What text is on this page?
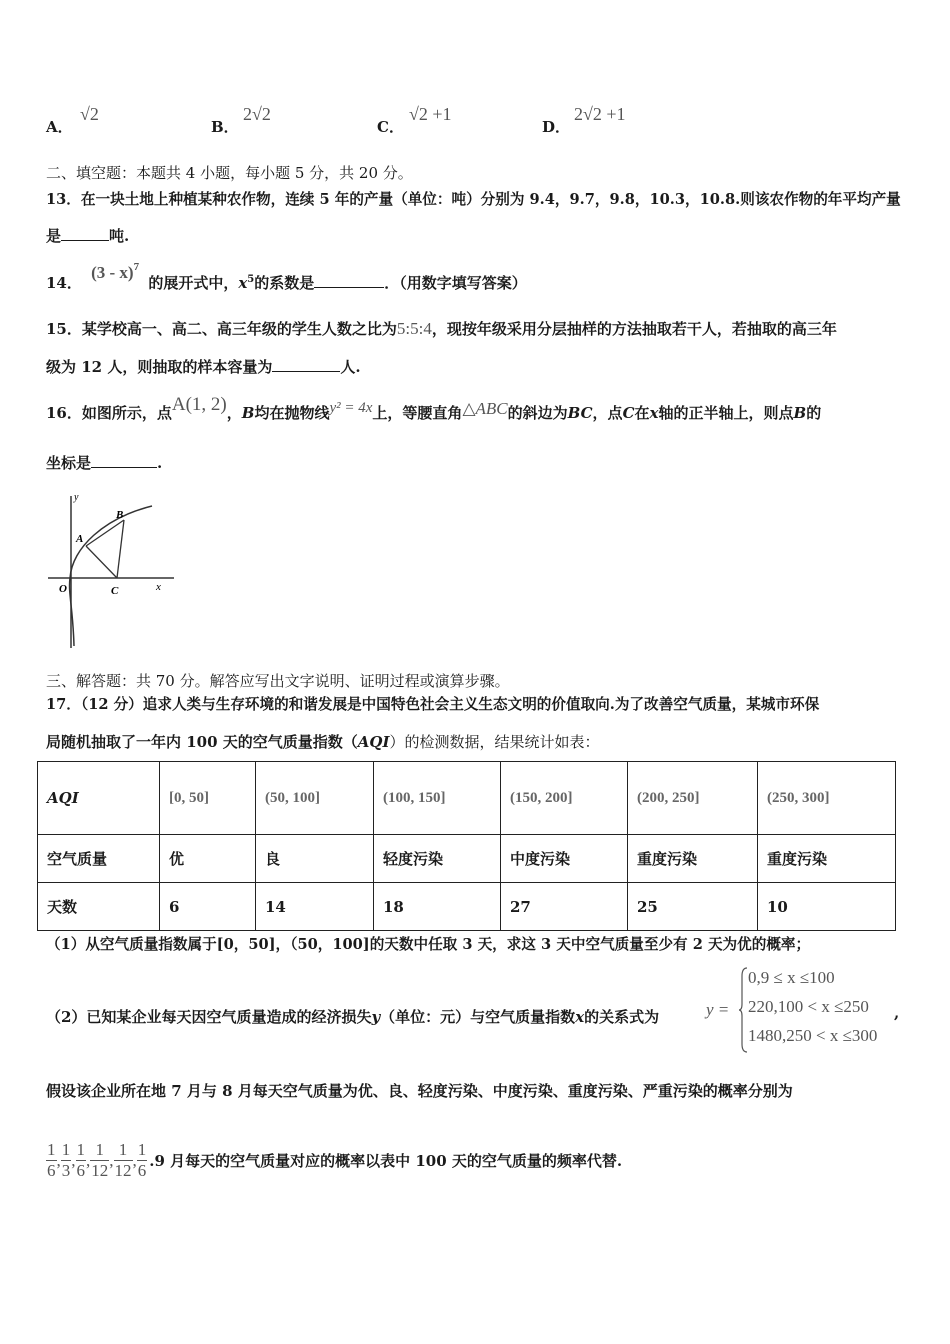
A．
√2
B．
2√2
C．
√2 +1
D．
2√2 +1
二、填空题：本题共 4 小题，每小题 5 分，共 20 分。
13．在一块土地上种植某种农作物，连续 5 年的产量（单位：吨）分别为 9.4，9.7，9.8，10.3，10.8.则该农作物的年平均产量
是	吨.
14． (3 - x)$^7$ 的展开式中，$x^5$的系数是	．（用数字填写答案）
15．某学校高一、高二、高三年级的学生人数之比为5:5:4，现按年级采用分层抽样的方法抽取若干人，若抽取的高三年
级为 12 人，则抽取的样本容量为	人.
16．如图所示，点A(1, 2)，B均在抛物线y² = 4x上，等腰直角△ABC的斜边为BC，点C在x轴的正半轴上，则点B的
坐标是	.
y
x
O
A
B
C
三、解答题：共 70 分。解答应写出文字说明、证明过程或演算步骤。
17．（12 分）追求人类与生存环境的和谐发展是中国特色社会主义生态文明的价值取向.为了改善空气质量，某城市环保
局随机抽取了一年内 100 天的空气质量指数（AQI）的检测数据，结果统计如表：
AQI	[0, 50]	(50, 100]	(100, 150]	(150, 200]	(200, 250]	(250, 300]
空气质量	优	良	轻度污染	中度污染	重度污染	重度污染
天数	6	14	18	27	25	10
（1）从空气质量指数属于[0，50]，（50，100]的天数中任取 3 天，求这 3 天中空气质量至少有 2 天为优的概率；
（2）已知某企业每天因空气质量造成的经济损失y（单位：元）与空气质量指数x的关系式为	y =
0,9 ≤ x ≤100
220,100 < x ≤250
1480,250 < x ≤300
,
假设该企业所在地 7 月与 8 月每天空气质量为优、良、轻度污染、中度污染、重度污染、严重污染的概率分别为
$\frac{1}{6}$ , $\frac{1}{3}$ , $\frac{1}{6}$ , $\frac{1}{12}$ , $\frac{1}{12}$ , $\frac{1}{6} .9$ 月每天的空气质量对应的概率以表中 100 天的空气质量的频率代替.
